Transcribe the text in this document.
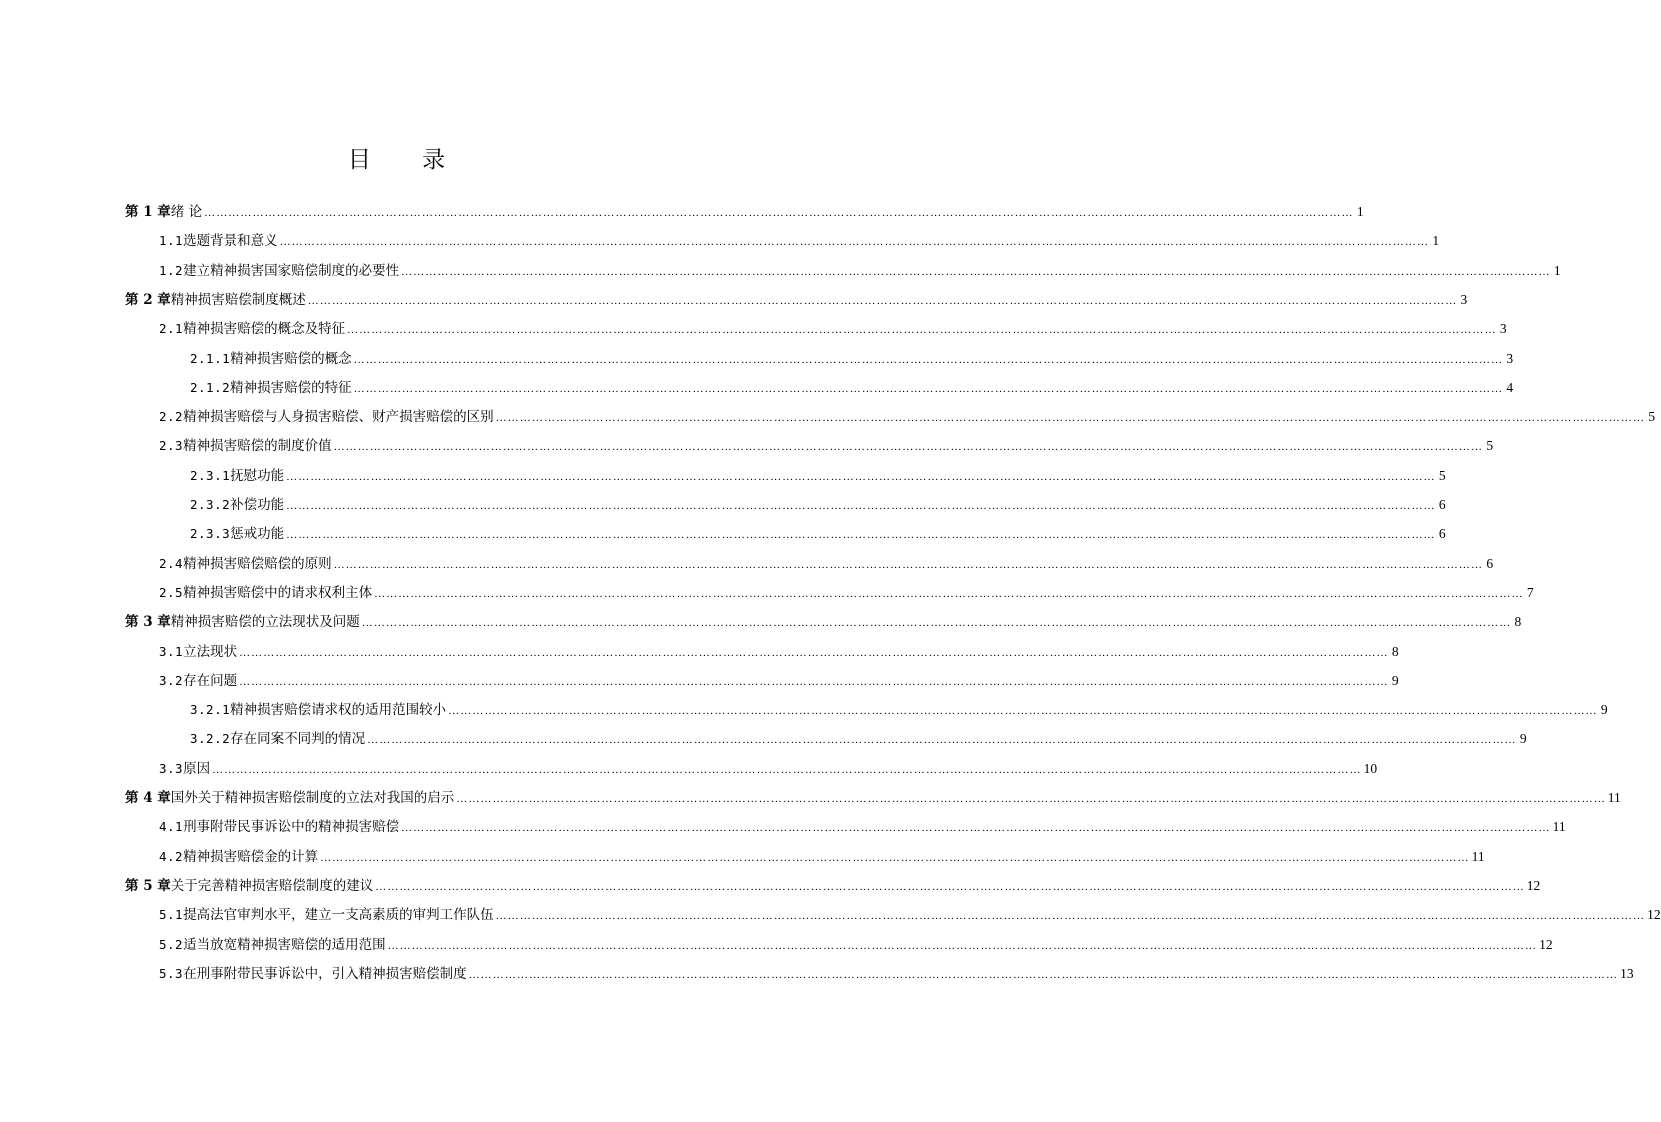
目 录
第 1 章 绪 论 …………………………………………………………………………………………………………………………………………………………………………………………………………………………………………………………… 1
1.1 选题背景和意义 …………………………………………………………………………………………………………………………………………………………………………………………………………………………………………………………… 1
1.2 建立精神损害国家赔偿制度的必要性 …………………………………………………………………………………………………………………………………………………………………………………………………………………………………………………………… 1
第 2 章 精神损害赔偿制度概述 …………………………………………………………………………………………………………………………………………………………………………………………………………………………………………………………… 3
2.1 精神损害赔偿的概念及特征 …………………………………………………………………………………………………………………………………………………………………………………………………………………………………………………………… 3
2.1.1 精神损害赔偿的概念 …………………………………………………………………………………………………………………………………………………………………………………………………………………………………………………………… 3
2.1.2 精神损害赔偿的特征 …………………………………………………………………………………………………………………………………………………………………………………………………………………………………………………………… 4
2.2 精神损害赔偿与人身损害赔偿、财产损害赔偿的区别 …………………………………………………………………………………………………………………………………………………………………………………………………………………………………………………………… 5
2.3 精神损害赔偿的制度价值 …………………………………………………………………………………………………………………………………………………………………………………………………………………………………………………………… 5
2.3.1 抚慰功能 …………………………………………………………………………………………………………………………………………………………………………………………………………………………………………………………… 5
2.3.2 补偿功能 …………………………………………………………………………………………………………………………………………………………………………………………………………………………………………………………… 6
2.3.3 惩戒功能 …………………………………………………………………………………………………………………………………………………………………………………………………………………………………………………………… 6
2.4 精神损害赔偿赔偿的原则 …………………………………………………………………………………………………………………………………………………………………………………………………………………………………………………………… 6
2.5 精神损害赔偿中的请求权利主体 …………………………………………………………………………………………………………………………………………………………………………………………………………………………………………………………… 7
第 3 章 精神损害赔偿的立法现状及问题 …………………………………………………………………………………………………………………………………………………………………………………………………………………………………………………………… 8
3.1 立法现状 …………………………………………………………………………………………………………………………………………………………………………………………………………………………………………………………… 8
3.2 存在问题 …………………………………………………………………………………………………………………………………………………………………………………………………………………………………………………………… 9
3.2.1 精神损害赔偿请求权的适用范围较小 …………………………………………………………………………………………………………………………………………………………………………………………………………………………………………………………… 9
3.2.2 存在同案不同判的情况 …………………………………………………………………………………………………………………………………………………………………………………………………………………………………………………………… 9
3.3 原因 …………………………………………………………………………………………………………………………………………………………………………………………………………………………………………………………… 10
第 4 章 国外关于精神损害赔偿制度的立法对我国的启示 …………………………………………………………………………………………………………………………………………………………………………………………………………………………………………………………… 11
4.1 刑事附带民事诉讼中的精神损害赔偿 …………………………………………………………………………………………………………………………………………………………………………………………………………………………………………………………… 11
4.2 精神损害赔偿金的计算 …………………………………………………………………………………………………………………………………………………………………………………………………………………………………………………………… 11
第 5 章 关于完善精神损害赔偿制度的建议 …………………………………………………………………………………………………………………………………………………………………………………………………………………………………………………………… 12
5.1 提高法官审判水平，建立一支高素质的审判工作队伍 …………………………………………………………………………………………………………………………………………………………………………………………………………………………………………………………… 12
5.2 适当放宽精神损害赔偿的适用范围 …………………………………………………………………………………………………………………………………………………………………………………………………………………………………………………………… 12
5.3 在刑事附带民事诉讼中，引入精神损害赔偿制度 …………………………………………………………………………………………………………………………………………………………………………………………………………………………………………………………… 13
